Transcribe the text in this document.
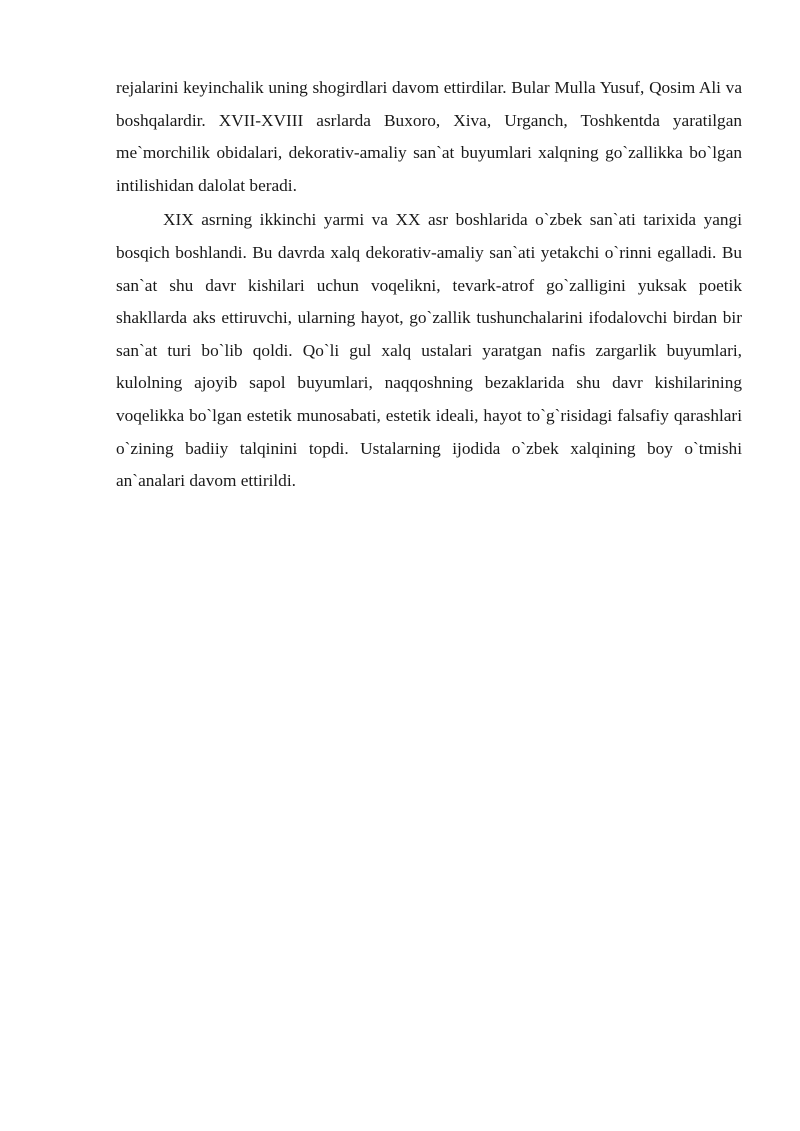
rejalarini keyinchalik uning shogirdlari davom ettirdilar. Bular Mulla Yusuf, Qosim Ali va boshqalardir. XVII-XVIII asrlarda Buxoro, Xiva, Urganch, Toshkentda yaratilgan me`morchilik obidalari, dekorativ-amaliy san`at buyumlari xalqning go`zallikka bo`lgan intilishidan dalolat beradi.

XIX asrning ikkinchi yarmi va XX asr boshlarida o`zbek san`ati tarixida yangi bosqich boshlandi. Bu davrda xalq dekorativ-amaliy san`ati yetakchi o`rinni egalladi. Bu san`at shu davr kishilari uchun voqelikni, tevark-atrof go`zalligini yuksak poetik shakllarda aks ettiruvchi, ularning hayot, go`zallik tushunchalarini ifodalovchi birdan bir san`at turi bo`lib qoldi. Qo`li gul xalq ustalari yaratgan nafis zargarlik buyumlari, kulolning ajoyib sapol buyumlari, naqqoshning bezaklarida shu davr kishilarining voqelikka bo`lgan estetik munosabati, estetik ideali, hayot to`g`risidagi falsafiy qarashlari o`zining badiiy talqinini topdi. Ustalarning ijodida o`zbek xalqining boy o`tmishi an`analari davom ettirildi.
